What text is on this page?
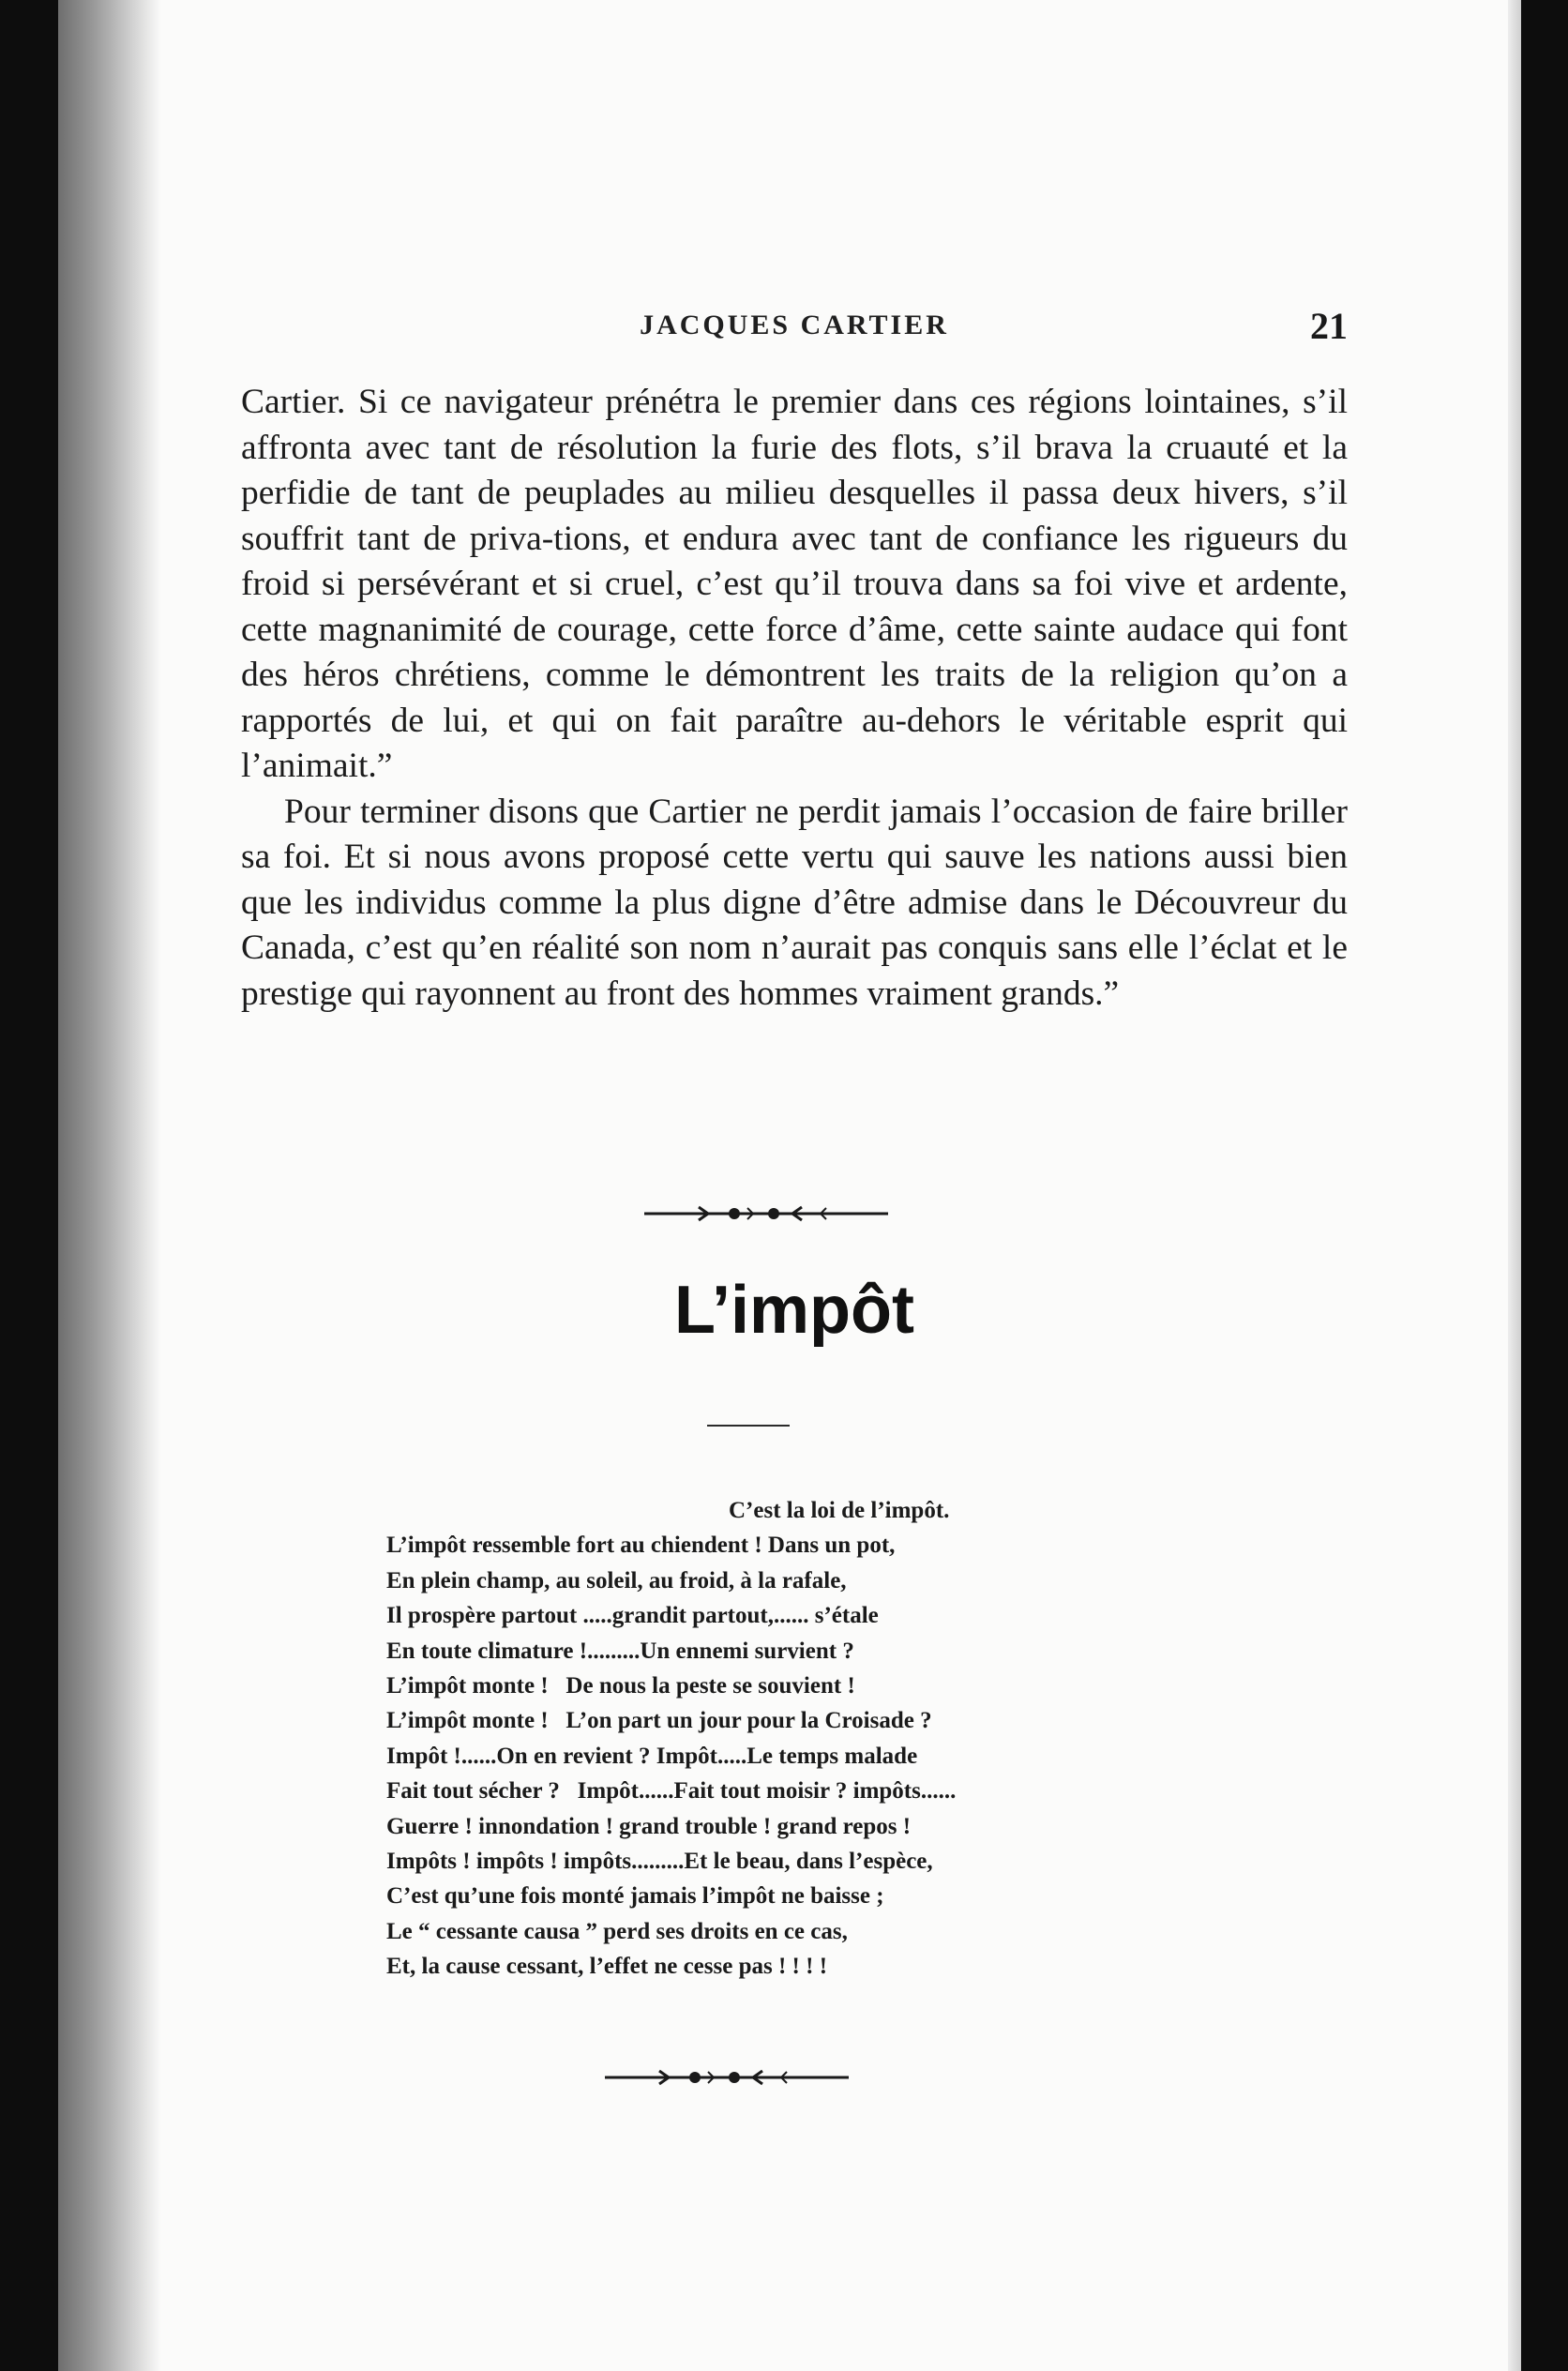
JACQUES CARTIER	21

Cartier. Si ce navigateur prénétra le premier dans ces régions lointaines, s’il affronta avec tant de résolution la furie des flots, s’il brava la cruauté et la perfidie de tant de peuplades au milieu desquelles il passa deux hivers, s’il souffrit tant de priva-tions, et endura avec tant de confiance les rigueurs du froid si persévérant et si cruel, c’est qu’il trouva dans sa foi vive et ardente, cette magnanimité de courage, cette force d’âme, cette sainte audace qui font des héros chrétiens, comme le démontrent les traits de la religion qu’on a rapportés de lui, et qui on fait paraître au-dehors le véritable esprit qui l’animait.”

Pour terminer disons que Cartier ne perdit jamais l’occasion de faire briller sa foi. Et si nous avons proposé cette vertu qui sauve les nations aussi bien que les individus comme la plus digne d’être admise dans le Découvreur du Canada, c’est qu’en réalité son nom n’aurait pas conquis sans elle l’éclat et le prestige qui rayonnent au front des hommes vraiment grands.”

L’impôt
C’est la loi de l’impôt.
L’impôt ressemble fort au chiendent ! Dans un pot,
En plein champ, au soleil, au froid, à la rafale,
Il prospère partout .....grandit partout,...... s’étale
En toute climature !.........Un ennemi survient ?
L’impôt monte !   De nous la peste se souvient !
L’impôt monte !   L’on part un jour pour la Croisade ?
Impôt !......On en revient ? Impôt.....Le temps malade
Fait tout sécher ?   Impôt......Fait tout moisir ? impôts......
Guerre ! innondation ! grand trouble ! grand repos !
Impôts ! impôts ! impôts.........Et le beau, dans l’espèce,
C’est qu’une fois monté jamais l’impôt ne baisse ;
Le “ cessante causa ” perd ses droits en ce cas,
Et, la cause cessant, l’effet ne cesse pas ! ! ! !
